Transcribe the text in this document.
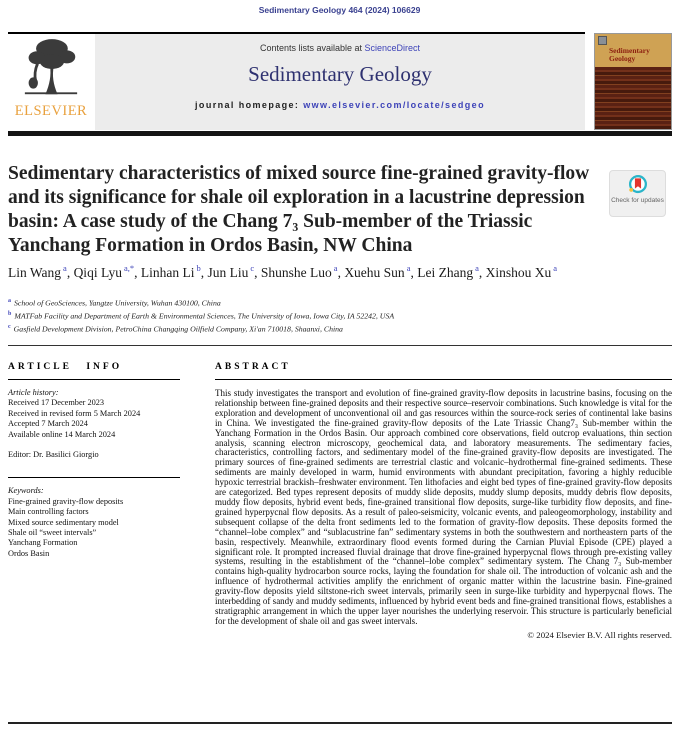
Sedimentary Geology 464 (2024) 106629
ELSEVIER
Contents lists available at ScienceDirect
Sedimentary Geology
journal homepage: www.elsevier.com/locate/sedgeo
Sedimentary Geology
Sedimentary characteristics of mixed source fine-grained gravity-flow and its significance for shale oil exploration in a lacustrine depression basin: A case study of the Chang 7₃ Sub-member of the Triassic Yanchang Formation in Ordos Basin, NW China
Check for updates
Lin Wang $^a$, Qiqi Lyu $^{a,*}$, Linhan Li $^b$, Jun Liu $^c$, Shunshe Luo $^a$, Xuehu Sun $^a$, Lei Zhang $^a$, Xinshou Xu $^a$
$^a$ School of GeoSciences, Yangtze University, Wuhan 430100, China
$^b$ MATFab Facility and Department of Earth & Environmental Sciences, The University of Iowa, Iowa City, IA 52242, USA
$^c$ Gasfield Development Division, PetroChina Changqing Oilfield Company, Xi'an 710018, Shaanxi, China
ARTICLE INFO
Article history:
Received 17 December 2023
Received in revised form 5 March 2024
Accepted 7 March 2024
Available online 14 March 2024
Editor: Dr. Basilici Giorgio
Keywords:
Fine-grained gravity-flow deposits
Main controlling factors
Mixed source sedimentary model
Shale oil “sweet intervals”
Yanchang Formation
Ordos Basin
ABSTRACT
This study investigates the transport and evolution of fine-grained gravity-flow deposits in lacustrine basins, focusing on the relationship between fine-grained deposits and their respective source–reservoir combinations. Such knowledge is vital for the exploration and development of unconventional oil and gas resources within the source-rock series of continental lake basins in China. We investigated the fine-grained gravity-flow deposits of the Late Triassic Chang7₃ Sub-member within the Yanchang Formation in the Ordos Basin. Our approach combined core observations, field outcrop evaluations, thin section analysis, scanning electron microscopy, geochemical data, and laboratory measurements. The sedimentary facies, characteristics, controlling factors, and sedimentary model of the fine-grained gravity-flow deposits are investigated. The primary sources of fine-grained sediments are terrestrial clastic and volcanic–hydrothermal fine-grained sediments. These sediments are mainly developed in warm, humid environments with abundant precipitation, favoring a highly reducible hypoxic terrestrial brackish–freshwater environment. Ten lithofacies and eight bed types of fine-grained gravity-flow deposits are categorized. Bed types represent deposits of muddy slide deposits, muddy slump deposits, muddy debris flow deposits, muddy flow deposits, hybrid event beds, fine-grained transitional flow deposits, surge-like turbidity flow deposits, and fine-grained hyperpycnal flow deposits. As a result of paleo-seismicity, volcanic events, and paleogeomorphology, instability and subsequent collapse of the delta front sediments led to the formation of gravity-flow deposits. These deposits formed the “channel–lobe complex” and “sublacustrine fan” sedimentary systems in both the southwestern and northeastern parts of the basin, respectively. Meanwhile, extraordinary flood events formed during the Carnian Pluvial Episode (CPE) played a significant role. It prompted increased fluvial drainage that drove fine-grained hyperpycnal flows through pre-existing valley systems, resulting in the establishment of the “channel–lobe complex” sedimentary system. The Chang 7₃ Sub-member contains high-quality hydrocarbon source rocks, laying the foundation for shale oil. The introduction of volcanic ash and the influence of hydrothermal activities amplify the enrichment of organic matter within the lacustrine basin. Fine-grained gravity-flow deposits yield siltstone-rich sweet intervals, primarily seen in surge-like turbidity and hyperpycnal flows. The interbedding of sandy and muddy sediments, influenced by hybrid event beds and fine-grained transitional flows, establishes a stratigraphic arrangement in which the upper layer nourishes the underlying reservoir. This structure is particularly beneficial for the development of shale oil and gas sweet intervals.
© 2024 Elsevier B.V. All rights reserved.
